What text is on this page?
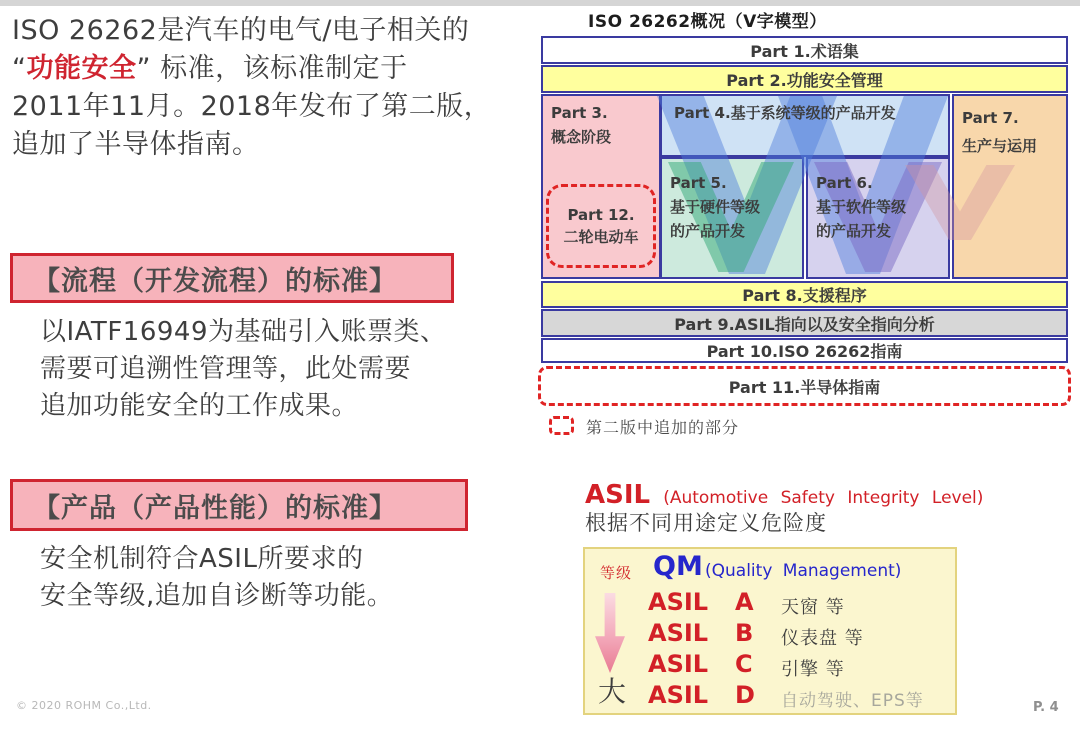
ISO 26262是汽车的电气/电子相关的
“功能安全” 标准，该标准制定于
2011年11月。2018年发布了第二版，
追加了半导体指南。
【流程（开发流程）的标准】
以IATF16949为基础引入账票类、
需要可追溯性管理等，此处需要
追加功能安全的工作成果。
【产品（产品性能）的标准】
安全机制符合ASIL所要求的
安全等级,追加自诊断等功能。
ISO 26262概况（V字模型）
Part 1.术语集
Part 2.功能安全管理
Part 3.
概念阶段
Part 4.基于系统等级的产品开发
Part 5.
基于硬件等级
的产品开发
Part 6.
基于软件等级
的产品开发
Part 7.
生产与运用
Part 12.
二轮电动车
Part 8.支援程序
Part 9.ASIL指向以及安全指向分析
Part 10.ISO 26262指南
Part 11.半导体指南
第二版中追加的部分
ASIL (Automotive Safety Integrity Level)
根据不同用途定义危险度
等级 QM (Quality Management)
大
ASIL A 天窗 等
ASIL B 仪表盘 等
ASIL C 引擎 等
ASIL D 自动驾驶、EPS等
© 2020 ROHM Co.,Ltd.	P. 4
